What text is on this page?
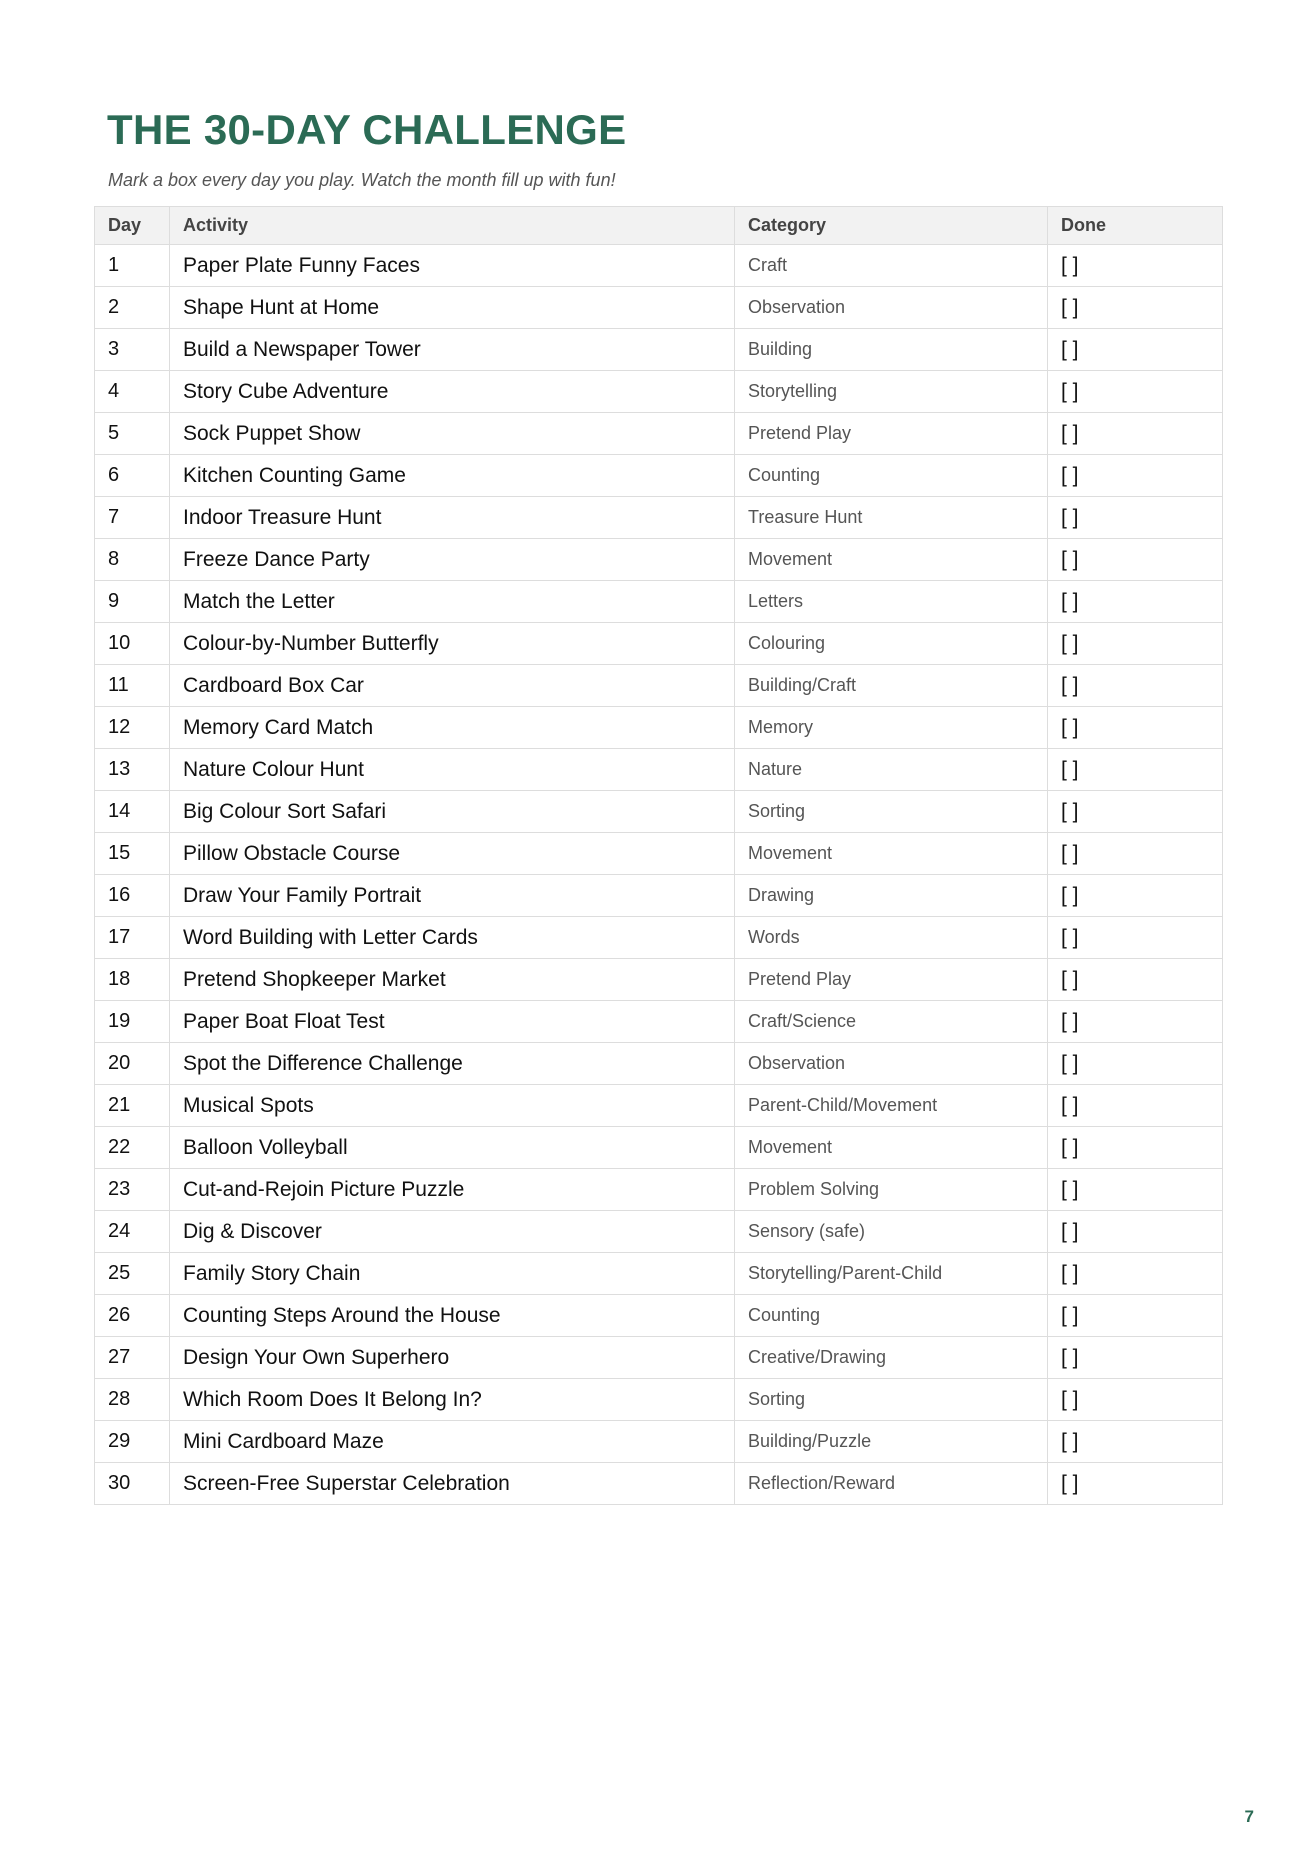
THE 30-DAY CHALLENGE

Mark a box every day you play. Watch the month fill up with fun!

Day	Activity	Category	Done
1	Paper Plate Funny Faces	Craft	[ ]
2	Shape Hunt at Home	Observation	[ ]
3	Build a Newspaper Tower	Building	[ ]
4	Story Cube Adventure	Storytelling	[ ]
5	Sock Puppet Show	Pretend Play	[ ]
6	Kitchen Counting Game	Counting	[ ]
7	Indoor Treasure Hunt	Treasure Hunt	[ ]
8	Freeze Dance Party	Movement	[ ]
9	Match the Letter	Letters	[ ]
10	Colour-by-Number Butterfly	Colouring	[ ]
11	Cardboard Box Car	Building/Craft	[ ]
12	Memory Card Match	Memory	[ ]
13	Nature Colour Hunt	Nature	[ ]
14	Big Colour Sort Safari	Sorting	[ ]
15	Pillow Obstacle Course	Movement	[ ]
16	Draw Your Family Portrait	Drawing	[ ]
17	Word Building with Letter Cards	Words	[ ]
18	Pretend Shopkeeper Market	Pretend Play	[ ]
19	Paper Boat Float Test	Craft/Science	[ ]
20	Spot the Difference Challenge	Observation	[ ]
21	Musical Spots	Parent-Child/Movement	[ ]
22	Balloon Volleyball	Movement	[ ]
23	Cut-and-Rejoin Picture Puzzle	Problem Solving	[ ]
24	Dig & Discover	Sensory (safe)	[ ]
25	Family Story Chain	Storytelling/Parent-Child	[ ]
26	Counting Steps Around the House	Counting	[ ]
27	Design Your Own Superhero	Creative/Drawing	[ ]
28	Which Room Does It Belong In?	Sorting	[ ]
29	Mini Cardboard Maze	Building/Puzzle	[ ]
30	Screen-Free Superstar Celebration	Reflection/Reward	[ ]
7
